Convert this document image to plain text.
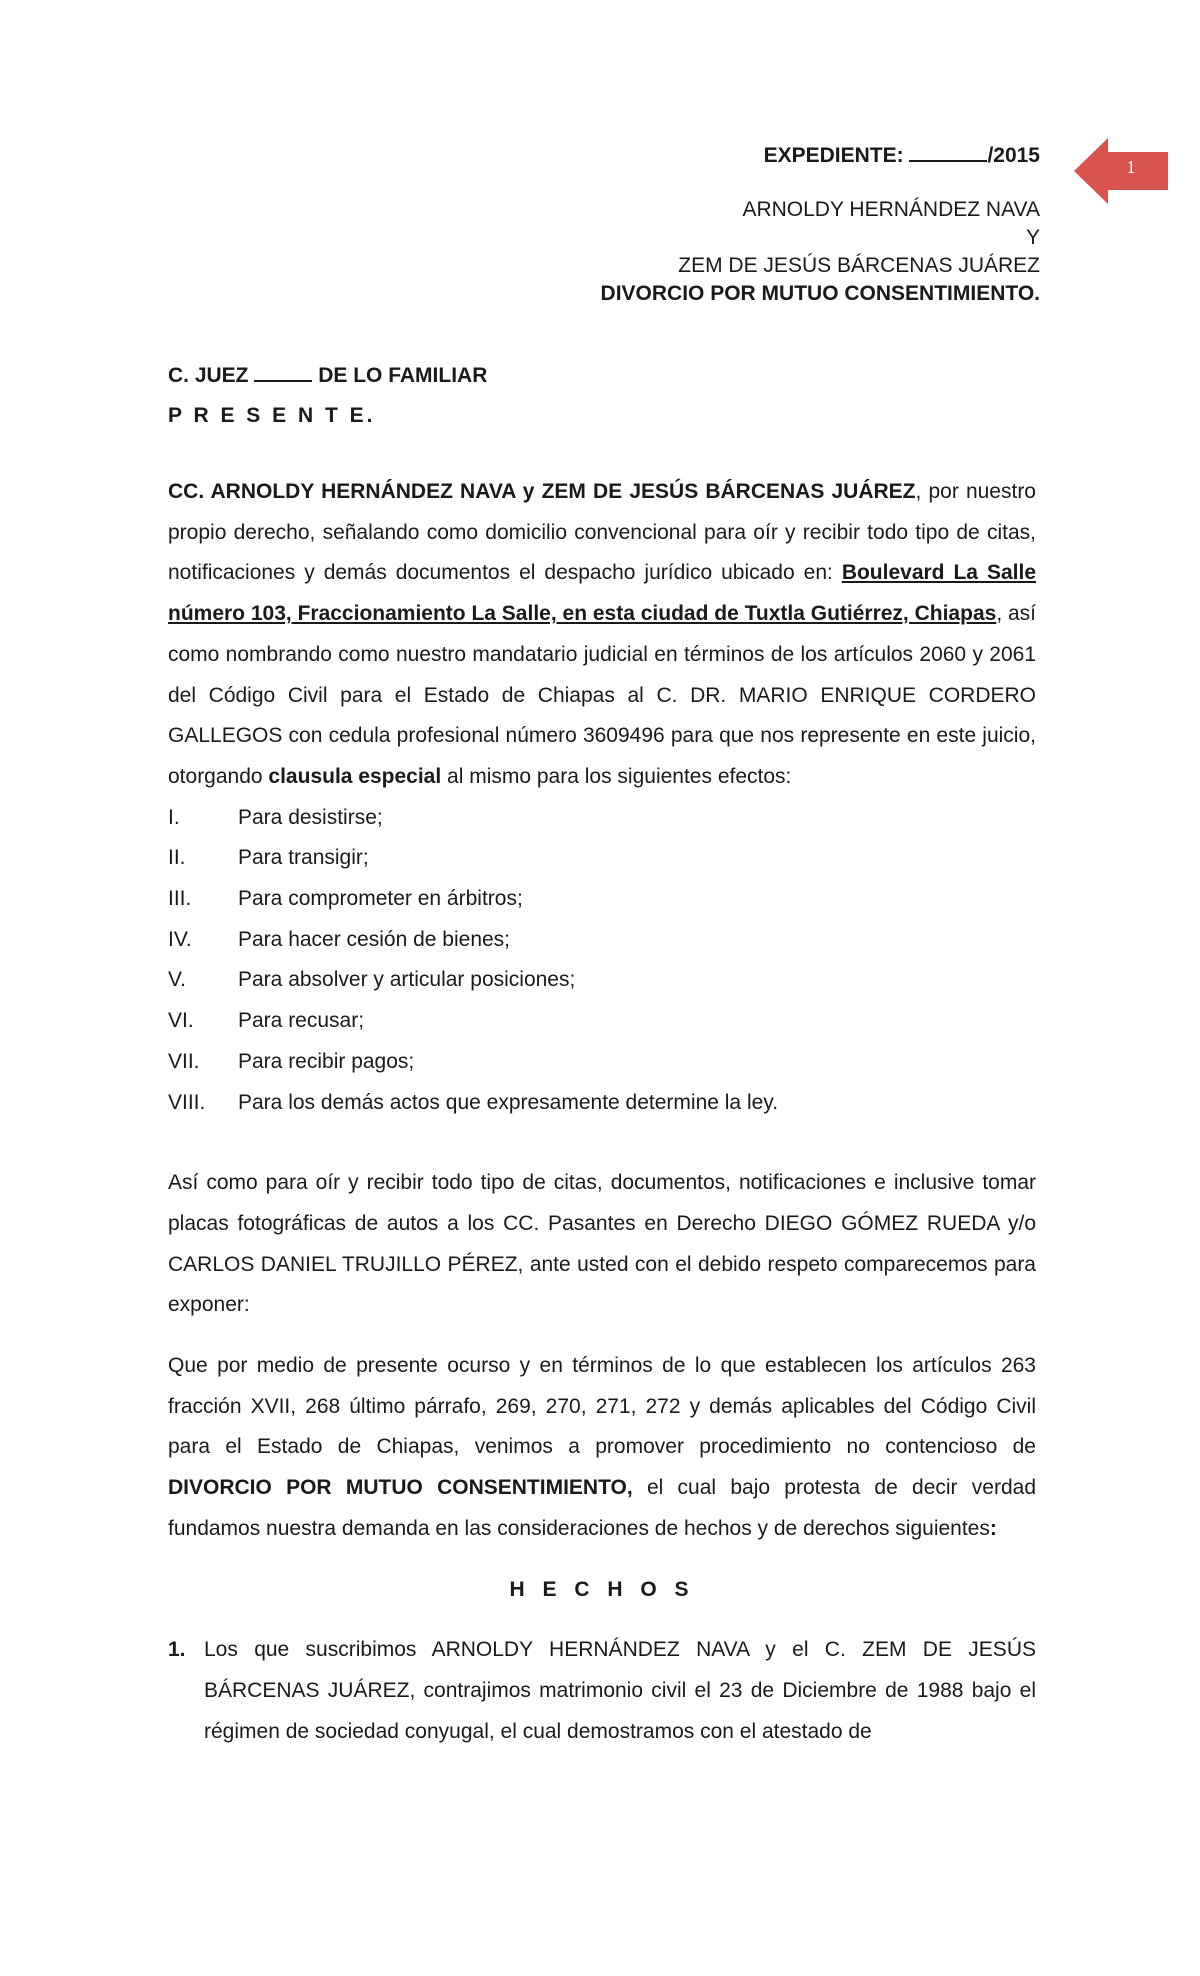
1
EXPEDIENTE:	/2015
ARNOLDY HERNÁNDEZ NAVA
Y
ZEM DE JESÚS BÁRCENAS JUÁREZ
DIVORCIO POR MUTUO CONSENTIMIENTO.
C. JUEZ	DE LO FAMILIAR
P R E S E N T E.

CC. ARNOLDY HERNÁNDEZ NAVA y ZEM DE JESÚS BÁRCENAS JUÁREZ, por nuestro propio derecho, señalando como domicilio convencional para oír y recibir todo tipo de citas, notificaciones y demás documentos el despacho jurídico ubicado en: Boulevard La Salle número 103, Fraccionamiento La Salle, en esta ciudad de Tuxtla Gutiérrez, Chiapas, así como nombrando como nuestro mandatario judicial en términos de los artículos 2060 y 2061 del Código Civil para el Estado de Chiapas al C. DR. MARIO ENRIQUE CORDERO GALLEGOS con cedula profesional número 3609496 para que nos represente en este juicio, otorgando clausula especial al mismo para los siguientes efectos:

I.	Para desistirse;
II.	Para transigir;
III.	Para comprometer en árbitros;
IV.	Para hacer cesión de bienes;
V.	Para absolver y articular posiciones;
VI.	Para recusar;
VII.	Para recibir pagos;
VIII.	Para los demás actos que expresamente determine la ley.

Así como para oír y recibir todo tipo de citas, documentos, notificaciones e inclusive tomar placas fotográficas de autos a los CC. Pasantes en Derecho DIEGO GÓMEZ RUEDA y/o CARLOS DANIEL TRUJILLO PÉREZ, ante usted con el debido respeto comparecemos para exponer:

Que por medio de presente ocurso y en términos de lo que establecen los artículos 263 fracción XVII, 268 último párrafo, 269, 270, 271, 272 y demás aplicables del Código Civil para el Estado de Chiapas, venimos a promover procedimiento no contencioso de DIVORCIO POR MUTUO CONSENTIMIENTO, el cual bajo protesta de decir verdad fundamos nuestra demanda en las consideraciones de hechos y de derechos siguientes:

H E C H O S
1. Los que suscribimos ARNOLDY HERNÁNDEZ NAVA y el C. ZEM DE JESÚS BÁRCENAS JUÁREZ, contrajimos matrimonio civil el 23 de Diciembre de 1988 bajo el régimen de sociedad conyugal, el cual demostramos con el atestado de
